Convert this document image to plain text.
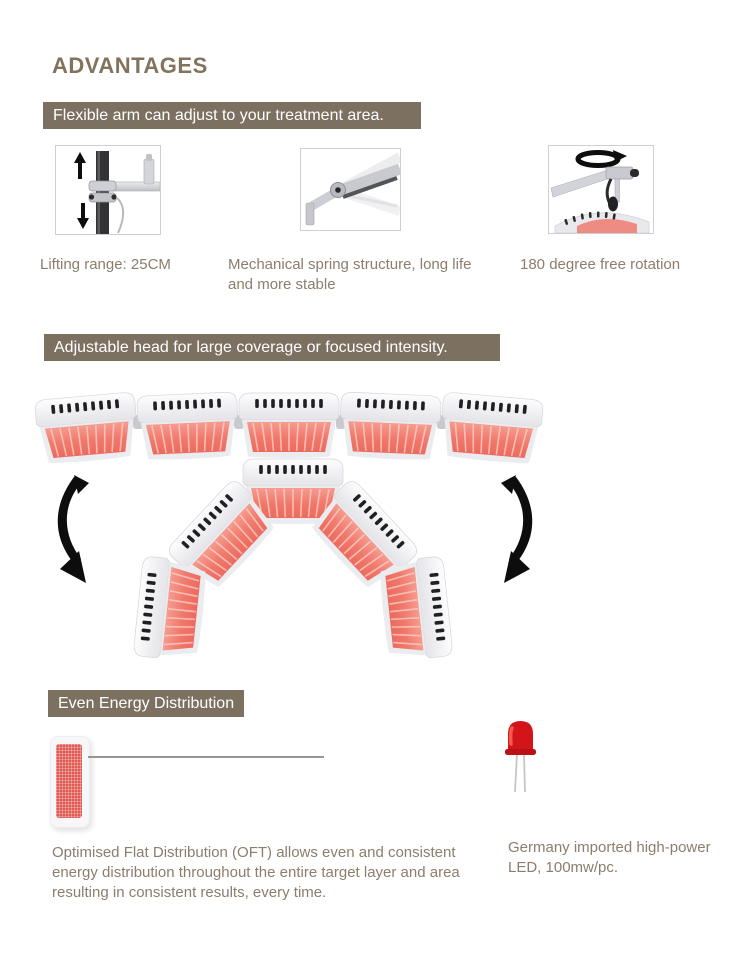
ADVANTAGES
Flexible arm can adjust to your treatment area.
180°
Lifting range: 25CM	Mechanical spring structure, long life and more stable
180 degree free rotation
Adjustable head for large coverage or focused intensity.
Even Energy Distribution
Optimised Flat Distribution (OFT) allows even and consistent energy distribution throughout the entire target layer and area resulting in consistent results, every time.
Germany imported high-power LED, 100mw/pc.
